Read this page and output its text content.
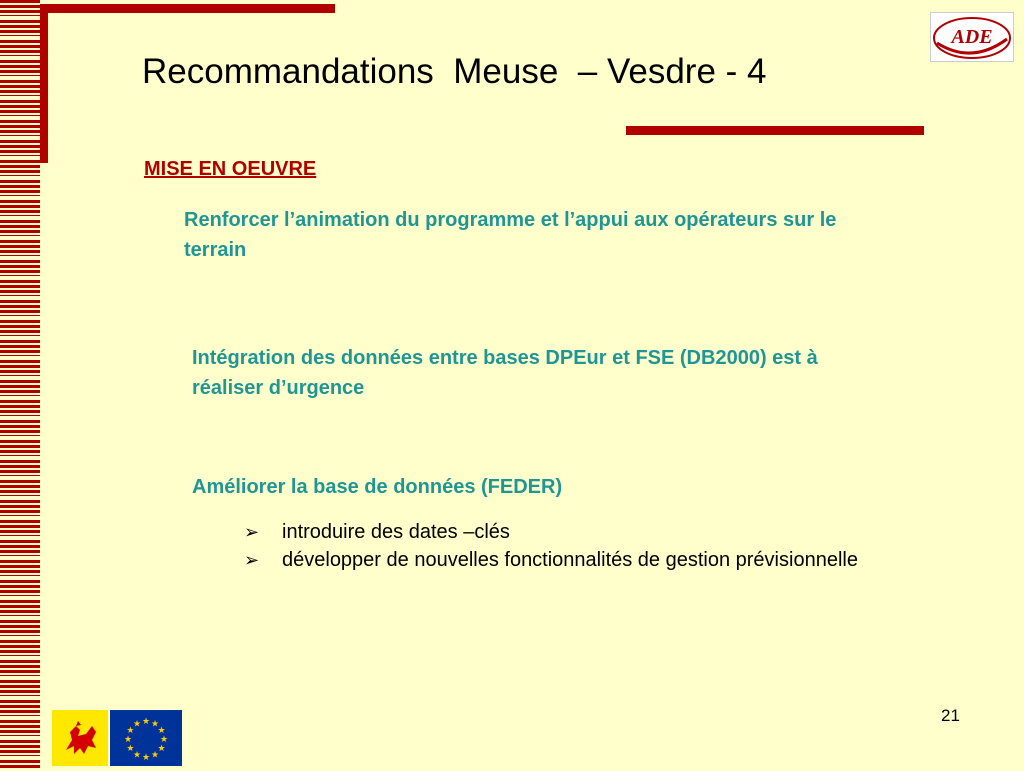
Recommandations  Meuse  – Vesdre - 4
ADE
MISE EN OEUVRE
Renforcer l’animation du programme et l’appui aux opérateurs sur le terrain
Intégration des données entre bases DPEur et FSE (DB2000) est à réaliser d’urgence
Améliorer la base de données (FEDER)
➢ introduire des dates –clés
➢ développer de nouvelles fonctionnalités de gestion prévisionnelle
★
★
★
★
★
★
★
★
★ ★ ★
★
21
